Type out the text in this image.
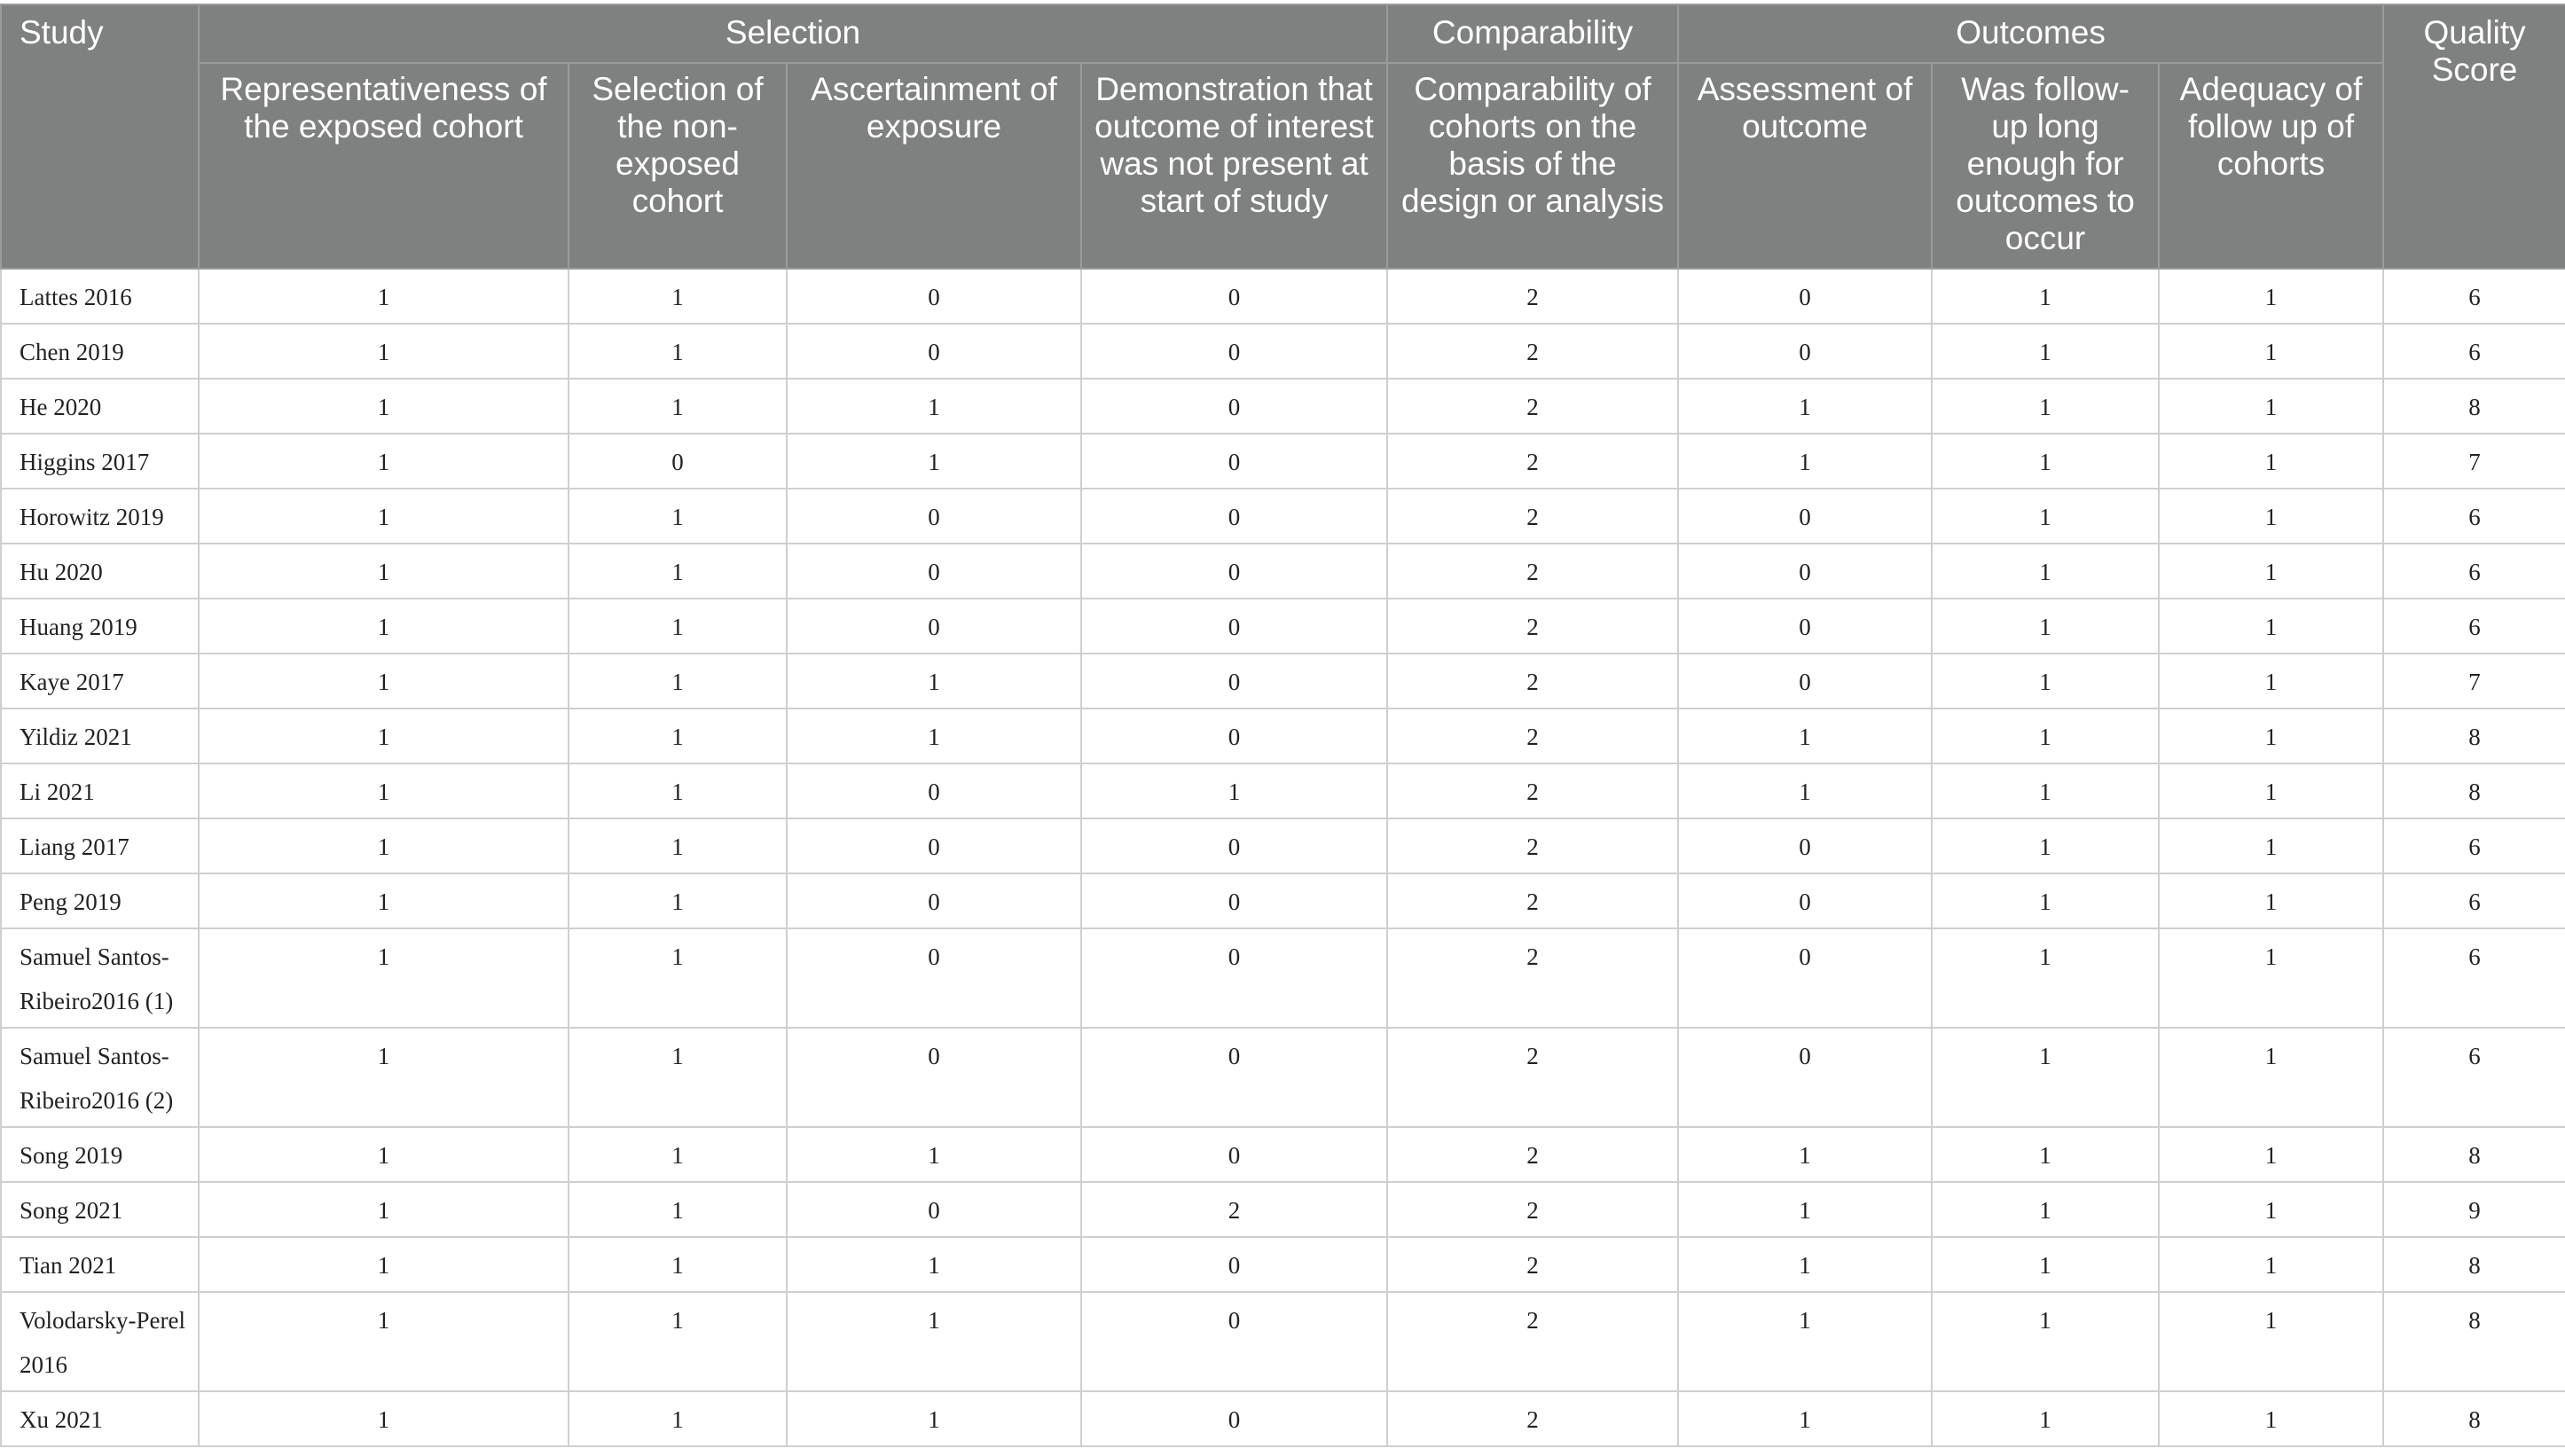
Study	Selection				Comparability	Outcomes			Quality Score
	Representativeness of the exposed cohort	Selection of the non-exposed cohort	Ascertainment of exposure	Demonstration that outcome of interest was not present at start of study	Comparability of cohorts on the basis of the design or analysis	Assessment of outcome	Was follow-up long enough for outcomes to occur	Adequacy of follow up of cohorts	
Lattes 2016	1	1	0	0	2	0	1	1	6
Chen 2019	1	1	0	0	2	0	1	1	6
He 2020	1	1	1	0	2	1	1	1	8
Higgins 2017	1	0	1	0	2	1	1	1	7
Horowitz 2019	1	1	0	0	2	0	1	1	6
Hu 2020	1	1	0	0	2	0	1	1	6
Huang 2019	1	1	0	0	2	0	1	1	6
Kaye 2017	1	1	1	0	2	0	1	1	7
Yildiz 2021	1	1	1	0	2	1	1	1	8
Li 2021	1	1	0	1	2	1	1	1	8
Liang 2017	1	1	0	0	2	0	1	1	6
Peng 2019	1	1	0	0	2	0	1	1	6
Samuel Santos-Ribeiro2016 (1)	1	1	0	0	2	0	1	1	6
Samuel Santos-Ribeiro2016 (2)	1	1	0	0	2	0	1	1	6
Song 2019	1	1	1	0	2	1	1	1	8
Song 2021	1	1	0	2	2	1	1	1	9
Tian 2021	1	1	1	0	2	1	1	1	8
Volodarsky-Perel 2016	1	1	1	0	2	1	1	1	8
Xu 2021	1	1	1	0	2	1	1	1	8
